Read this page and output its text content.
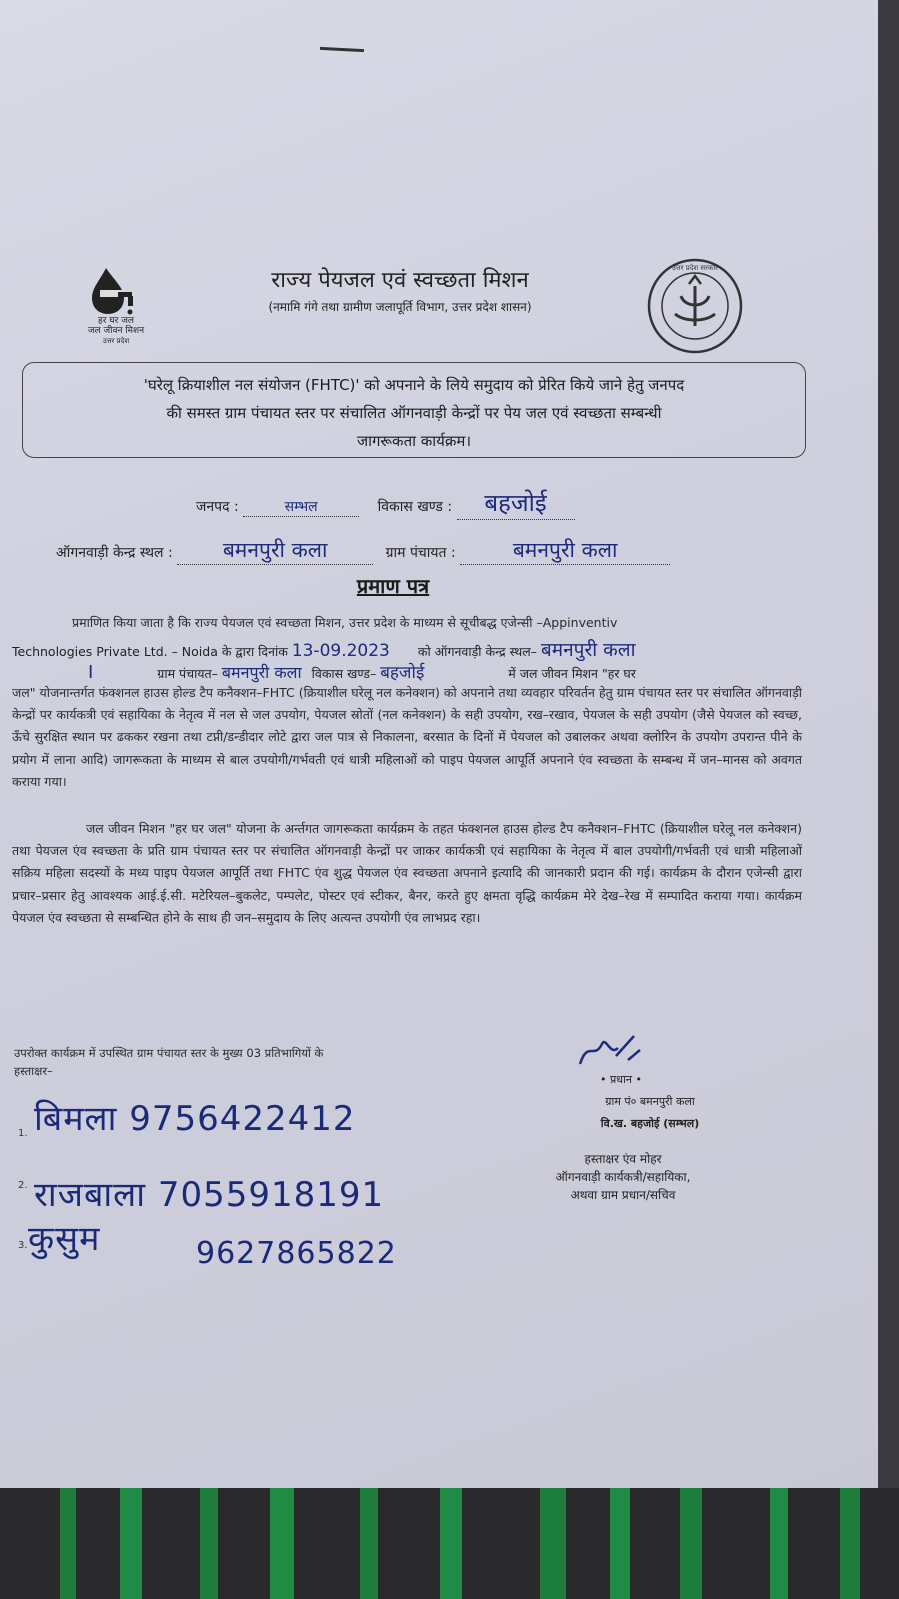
हर घर जल
जल जीवन मिशन
उत्तर प्रदेश
राज्य पेयजल एवं स्वच्छता मिशन
(नमामि गंगे तथा ग्रामीण जलापूर्ति विभाग, उत्तर प्रदेश शासन)
उत्तर प्रदेश सरकार
'घरेलू क्रियाशील नल संयोजन (FHTC)' को अपनाने के लिये समुदाय को प्रेरित किये जाने हेतु जनपद
की समस्त ग्राम पंचायत स्तर पर संचालित ऑगनवाड़ी केन्द्रों पर पेय जल एवं स्वच्छता सम्बन्धी
जागरूकता कार्यक्रम।
जनपद :	सम्भल	विकास खण्ड : बहजोई
ऑगनवाड़ी केन्द्र स्थल : बमनपुरी कला	ग्राम पंचायत :	बमनपुरी कला
प्रमाण पत्र
प्रमाणित किया जाता है कि राज्य पेयजल एवं स्वच्छता मिशन, उत्तर प्रदेश के माध्यम से सूचीबद्ध एजेन्सी –Appinventiv
Technologies Private Ltd. – Noida के द्वारा दिनांक 13-09.2023 को ऑगनवाड़ी केन्द्र स्थल– बमनपुरी कला
I	ग्राम पंचायत– बमनपुरी कला विकास खण्ड– बहजोई	में जल जीवन मिशन "हर घर
जल" योजनान्तर्गत फंक्शनल हाउस होल्ड टैप कनैक्शन–FHTC (क्रियाशील घरेलू नल कनेक्शन) को अपनाने तथा व्यवहार परिवर्तन हेतु ग्राम पंचायत स्तर पर संचालित ऑगनवाड़ी केन्द्रों पर कार्यकत्री एवं सहायिका के नेतृत्व में नल से जल उपयोग, पेयजल स्रोतों (नल कनेक्शन) के सही उपयोग, रख–रखाव, पेयजल के सही उपयोग (जैसे पेयजल को स्वच्छ, ऊँचे सुरक्षित स्थान पर ढककर रखना तथा टप्नी/डन्डीदार लोटे द्वारा जल पात्र से निकालना, बरसात के दिनों में पेयजल को उबालकर अथवा क्लोरिन के उपयोग उपरान्त पीने के प्रयोग में लाना आदि) जागरूकता के माध्यम से बाल उपयोगी/गर्भवती एवं धात्री महिलाओं को पाइप पेयजल आपूर्ति अपनाने एंव स्वच्छता के सम्बन्ध में जन–मानस को अवगत कराया गया।
जल जीवन मिशन "हर घर जल" योजना के अर्न्तगत जागरूकता कार्यक्रम के तहत फंक्शनल हाउस होल्ड टैप कनैक्शन–FHTC (क्रियाशील घरेलू नल कनेक्शन) तथा पेयजल एंव स्वच्छता के प्रति ग्राम पंचायत स्तर पर संचालित ऑगनवाड़ी केन्द्रों पर जाकर कार्यकत्री एवं सहायिका के नेतृत्व में बाल उपयोगी/गर्भवती एवं धात्री महिलाओं सक्रिय महिला सदस्यों के मध्य पाइप पेयजल आपूर्ति तथा FHTC एंव शुद्ध पेयजल एंव स्वच्छता अपनाने इत्यादि की जानकारी प्रदान की गई। कार्यक्रम के दौरान एजेन्सी द्वारा प्रचार–प्रसार हेतु आवश्यक आई.ई.सी. मटेरियल–बुकलेट, पम्पलेट, पोस्टर एवं स्टीकर, बैनर, करते हुए क्षमता वृद्धि कार्यक्रम मेरे देख–रेख में सम्पादित कराया गया। कार्यक्रम पेयजल एंव स्वच्छता से सम्बन्धित होने के साथ ही जन–समुदाय के लिए अत्यन्त उपयोगी एंव लाभप्रद रहा।
उपरोक्त कार्यक्रम में उपस्थित ग्राम पंचायत स्तर के मुख्य 03 प्रतिभागियों के
हस्ताक्षर–
1. बिमला 9756422412
2. राजबाला 7055918191
3. कुसुम	9627865822
• प्रधान •
ग्राम पं० बमनपुरी कला
वि.ख. बहजोई (सम्भल)
हस्ताक्षर एंव मोहर
ऑगनवाड़ी कार्यकत्री/सहायिका,
अथवा ग्राम प्रधान/सचिव
